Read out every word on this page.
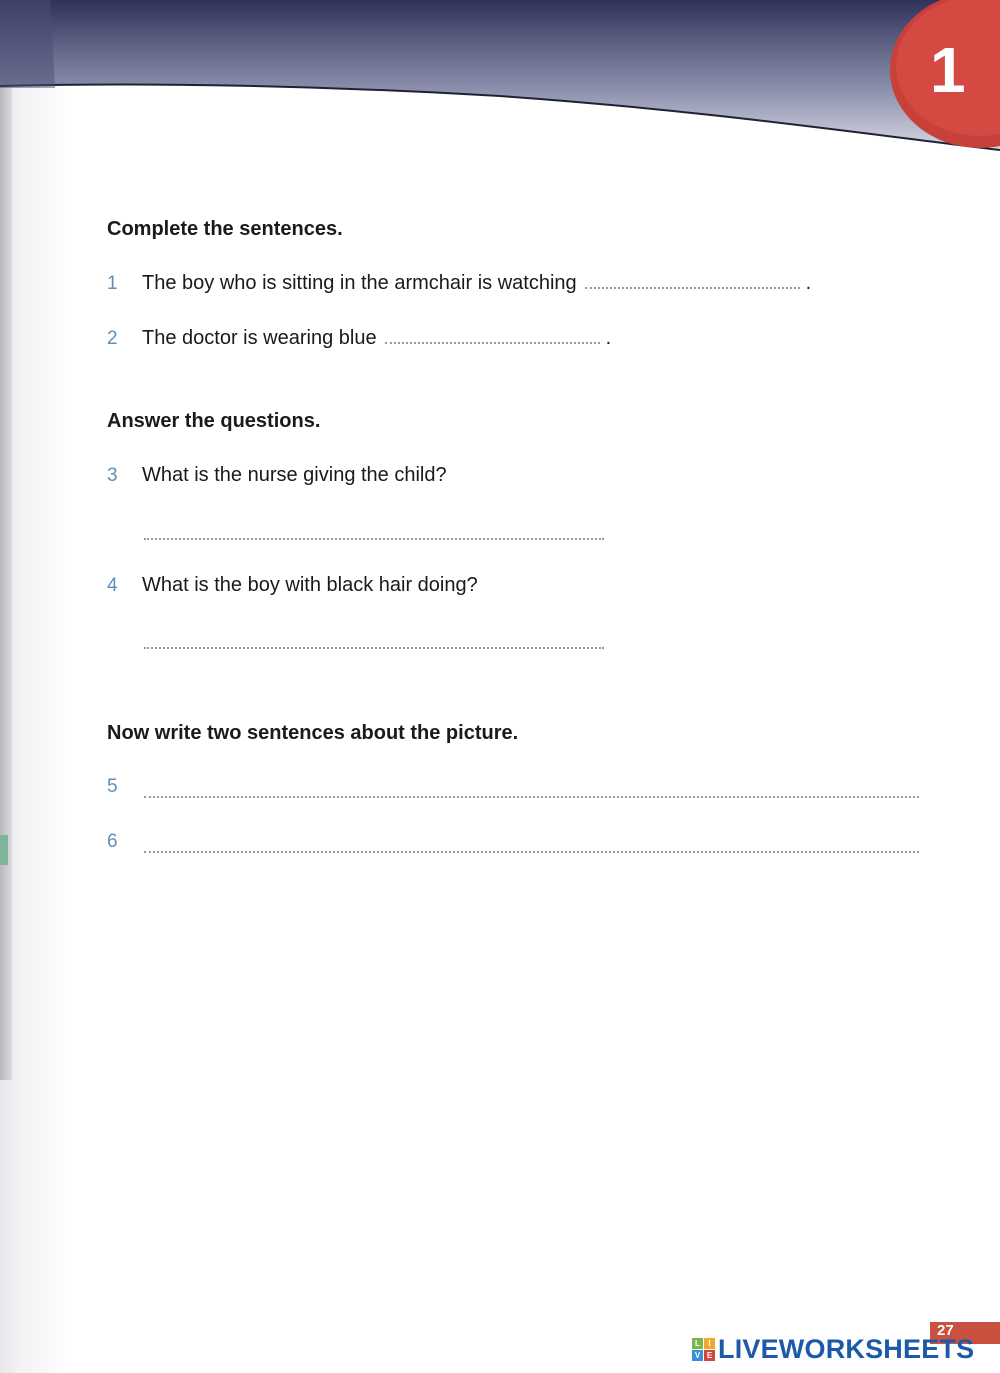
1
Complete the sentences.
1	The boy who is sitting in the armchair is watching	.
2	The doctor is wearing blue	.
Answer the questions.
3	What is the nurse giving the child?
4	What is the boy with black hair doing?
Now write two sentences about the picture.
5
6
27
L	I
V E LIVEWORKSHEETS
